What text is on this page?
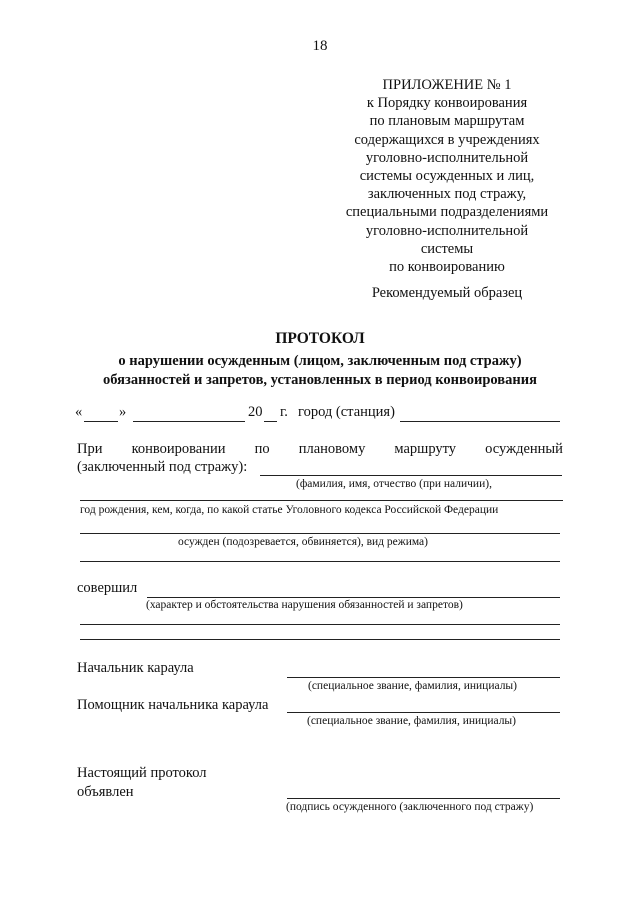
18
ПРИЛОЖЕНИЕ № 1
к Порядку конвоирования
по плановым маршрутам
содержащихся в учреждениях
уголовно-исполнительной
системы осужденных и лиц,
заключенных под стражу,
специальными подразделениями
уголовно-исполнительной
системы
по конвоированию
Рекомендуемый образец
ПРОТОКОЛ
о нарушении осужденным (лицом, заключенным под стражу)
обязанностей и запретов, установленных в период конвоирования
«	»	20 г. город (станция)
При конвоировании по плановому маршруту осужденный
(заключенный под стражу):
(фамилия, имя, отчество (при наличии),
год рождения, кем, когда, по какой статье Уголовного кодекса Российской Федерации
осужден (подозревается, обвиняется), вид режима)
совершил
(характер и обстоятельства нарушения обязанностей и запретов)
Начальник караула
(специальное звание, фамилия, инициалы)
Помощник начальника караула
(специальное звание, фамилия, инициалы)
Настоящий протокол
объявлен
(подпись осужденного (заключенного под стражу)
